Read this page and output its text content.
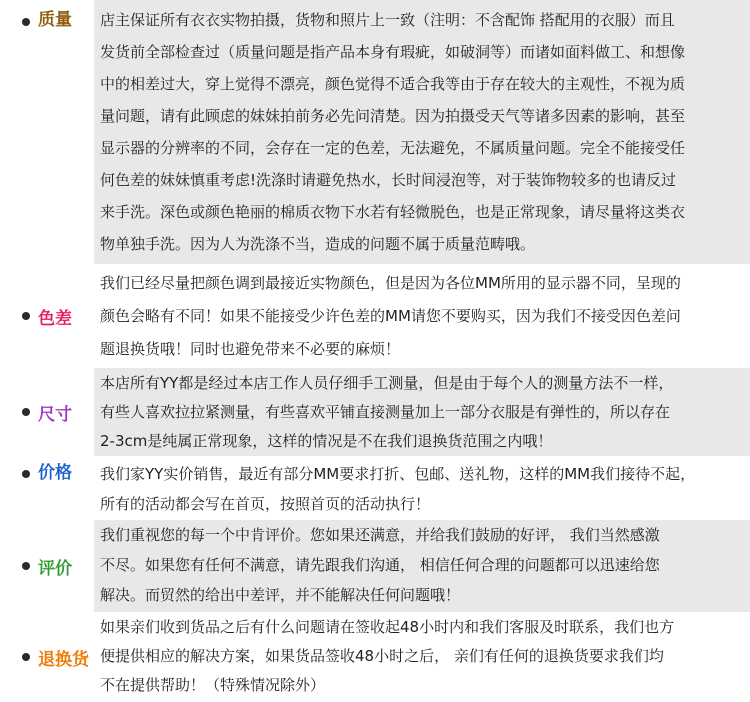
质量 店主保证所有衣衣实物拍摄，货物和照片上一致（注明：不含配饰 搭配用的衣服）而且
发货前全部检查过（质量问题是指产品本身有瑕疵，如破洞等）而诸如面料做工、和想像
中的相差过大，穿上觉得不漂亮，颜色觉得不适合我等由于存在较大的主观性，不视为质
量问题，请有此顾虑的妹妹拍前务必先问清楚。因为拍摄受天气等诸多因素的影响，甚至
显示器的分辨率的不同，会存在一定的色差，无法避免，不属质量问题。完全不能接受任
何色差的妹妹慎重考虑!洗涤时请避免热水，长时间浸泡等，对于装饰物较多的也请反过
来手洗。深色或颜色艳丽的棉质衣物下水若有轻微脱色，也是正常现象，请尽量将这类衣
物单独手洗。因为人为洗涤不当，造成的问题不属于质量范畴哦。
色差
我们已经尽量把颜色调到最接近实物颜色，但是因为各位MM所用的显示器不同，呈现的
颜色会略有不同！如果不能接受少许色差的MM请您不要购买，因为我们不接受因色差问
题退换货哦！同时也避免带来不必要的麻烦！
尺寸
本店所有YY都是经过本店工作人员仔细手工测量，但是由于每个人的测量方法不一样，
有些人喜欢拉拉紧测量，有些喜欢平铺直接测量加上一部分衣服是有弹性的，所以存在
2-3cm是纯属正常现象，这样的情况是不在我们退换货范围之内哦！
价格 我们家YY实价销售，最近有部分MM要求打折、包邮、送礼物，这样的MM我们接待不起，
所有的活动都会写在首页，按照首页的活动执行！
评价
我们重视您的每一个中肯评价。您如果还满意，并给我们鼓励的好评， 我们当然感激
不尽。如果您有任何不满意，请先跟我们沟通， 相信任何合理的问题都可以迅速给您
解决。而贸然的给出中差评，并不能解决任何问题哦！
退换货
如果亲们收到货品之后有什么问题请在签收起48小时内和我们客服及时联系，我们也方
便提供相应的解决方案，如果货品签收48小时之后， 亲们有任何的退换货要求我们均
不在提供帮助！（特殊情况除外）
